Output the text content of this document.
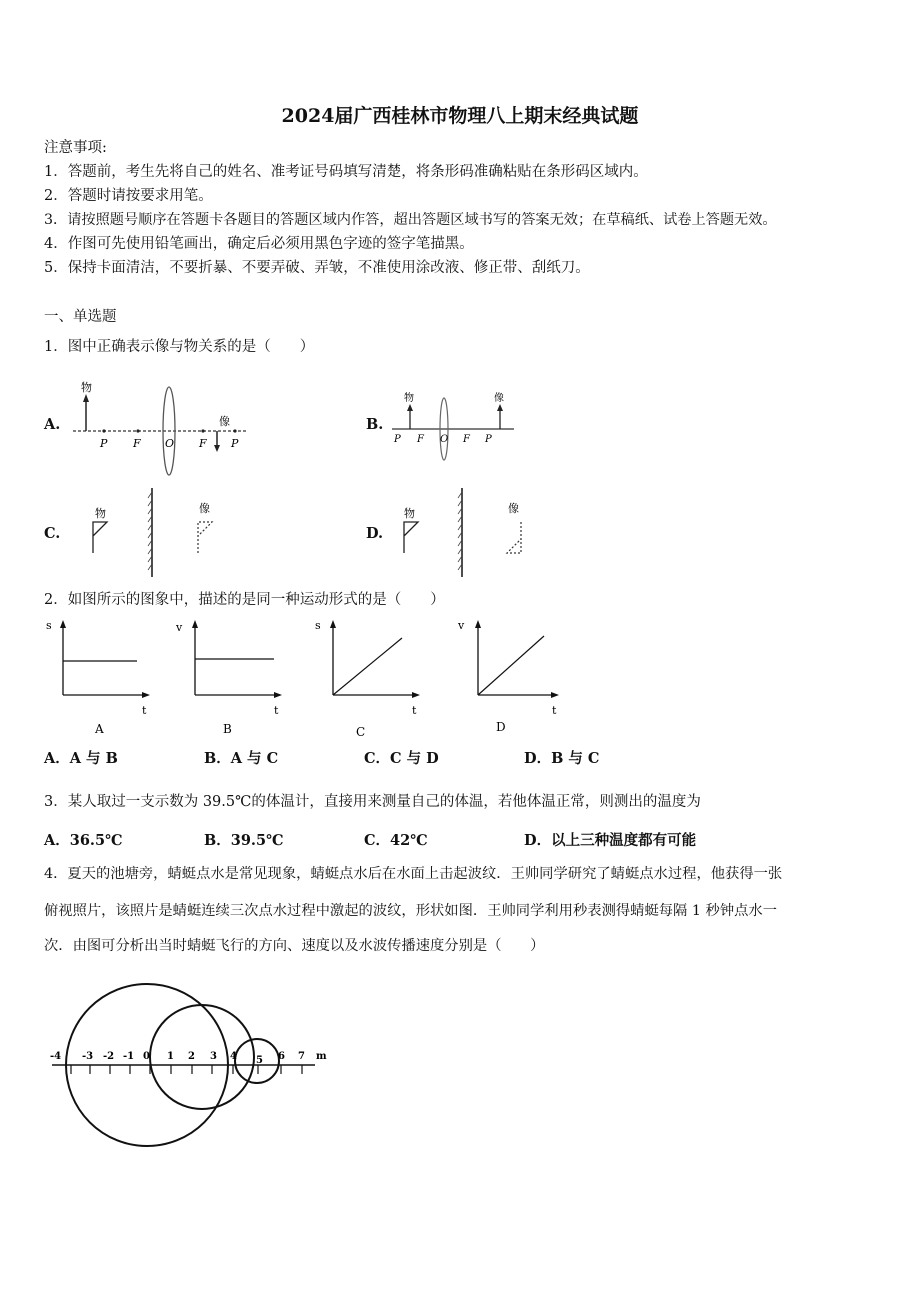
2024届广西桂林市物理八上期末经典试题
注意事项:
1．答题前，考生先将自己的姓名、准考证号码填写清楚，将条形码准确粘贴在条形码区域内。
2．答题时请按要求用笔。
3．请按照题号顺序在答题卡各题目的答题区域内作答，超出答题区域书写的答案无效；在草稿纸、试卷上答题无效。
4．作图可先使用铅笔画出，确定后必须用黑色字迹的签字笔描黑。
5．保持卡面清洁，不要折暴、不要弄破、弄皱，不准使用涂改液、修正带、刮纸刀。
一、单选题
1．图中正确表示像与物关系的是（　　）
A.	B.
C.	D.
物
P F O F P
像
物	像
P F O F P
物	像	物	像
2．如图所示的图象中，描述的是同一种运动形式的是（　　）
s
t
A
v
t
B
s
t
C
v
t
D
A．A 与 B	B．A 与 C	C．C 与 D	D．B 与 C
3．某人取过一支示数为 39.5℃的体温计，直接用来测量自己的体温，若他体温正常，则测出的温度为
A．36.5℃	B．39.5℃	C．42℃	D．以上三种温度都有可能
4．夏天的池塘旁，蜻蜓点水是常见现象，蜻蜓点水后在水面上击起波纹．王帅同学研究了蜻蜓点水过程，他获得一张
俯视照片，该照片是蜻蜓连续三次点水过程中激起的波纹，形状如图．王帅同学利用秒表测得蜻蜓每隔 1 秒钟点水一
次．由图可分析出当时蜻蜓飞行的方向、速度以及水波传播速度分别是（　　）
-4 -3 -2 -1 0 1 2 3 4 5 6 7 m
